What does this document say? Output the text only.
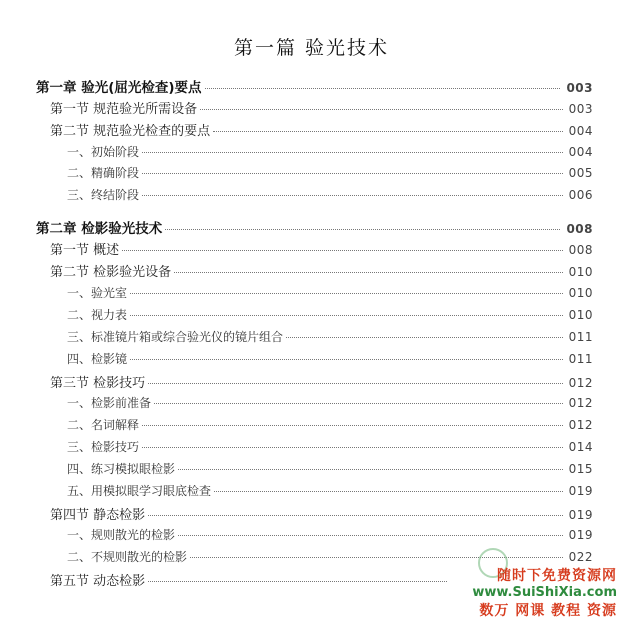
第一篇 验光技术
第一章 验光(屈光检查)要点	003
第一节 规范验光所需设备	003
第二节 规范验光检查的要点	004
一、初始阶段	004
二、精确阶段	005
三、终结阶段	006
第二章 检影验光技术	008
第一节 概述	008
第二节 检影验光设备	010
一、验光室	010
二、视力表	010
三、标准镜片箱或综合验光仪的镜片组合	011
四、检影镜	011
第三节 检影技巧	012
一、检影前准备	012
二、名词解释	012
三、检影技巧	014
四、练习模拟眼检影	015
五、用模拟眼学习眼底检查	019
第四节 静态检影	019
一、规则散光的检影	019
二、不规则散光的检影	022
第五节 动态检影	随时下免费资源网
www.SuiShiXia.com
数万 网课 教程 资源
